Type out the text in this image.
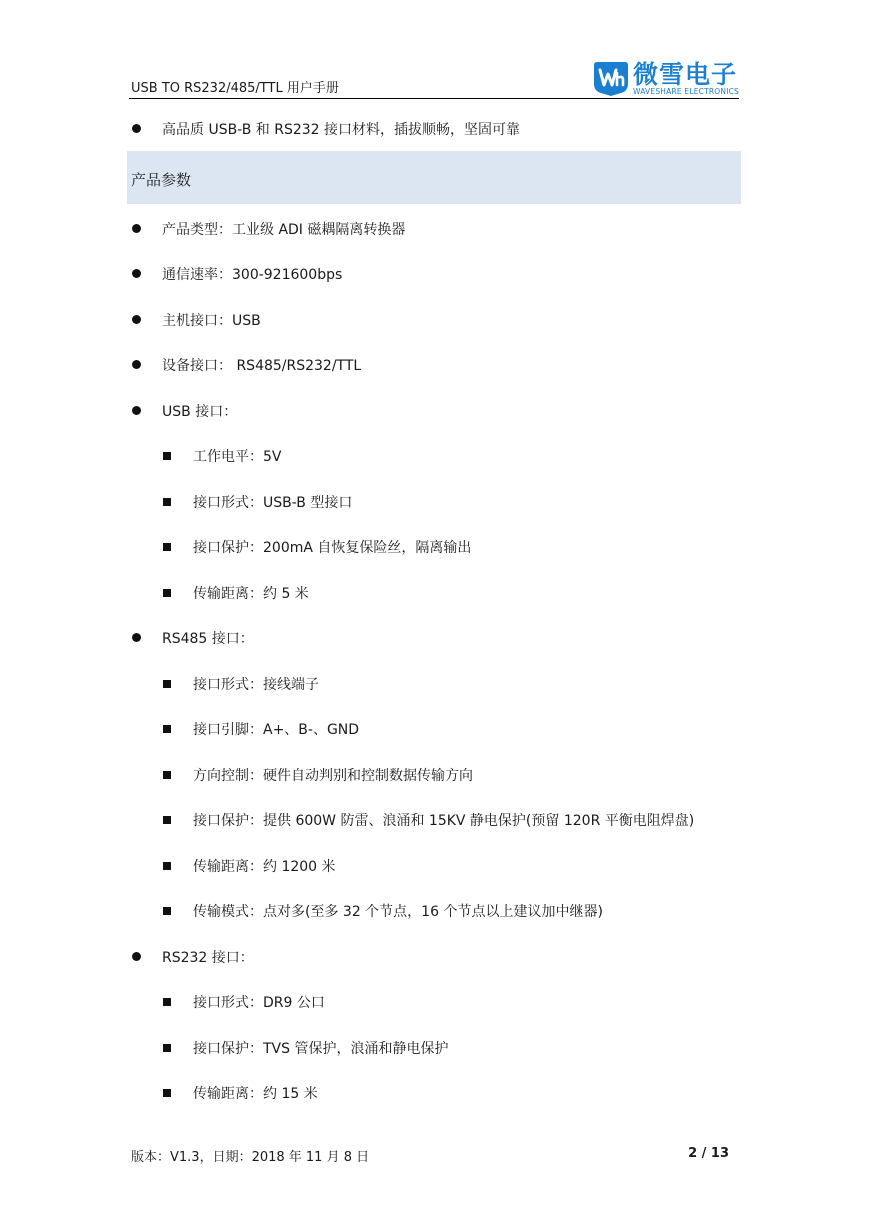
USB TO RS232/485/TTL 用户手册	微雪电子
WAVESHARE ELECTRONICS
高品质 USB-B 和 RS232 接口材料，插拔顺畅，坚固可靠
产品参数
产品类型：工业级 ADI 磁耦隔离转换器
通信速率：300-921600bps
主机接口：USB
设备接口： RS485/RS232/TTL
USB 接口：
工作电平：5V
接口形式：USB-B 型接口
接口保护：200mA 自恢复保险丝，隔离输出
传输距离：约 5 米
RS485 接口：
接口形式：接线端子
接口引脚：A+、B-、GND
方向控制：硬件自动判别和控制数据传输方向
接口保护：提供 600W 防雷、浪涌和 15KV 静电保护(预留 120R 平衡电阻焊盘)
传输距离：约 1200 米
传输模式：点对多(至多 32 个节点，16 个节点以上建议加中继器)
RS232 接口：
接口形式：DR9 公口
接口保护：TVS 管保护，浪涌和静电保护
传输距离：约 15 米
版本：V1.3，日期：2018 年 11 月 8 日	2 / 13
